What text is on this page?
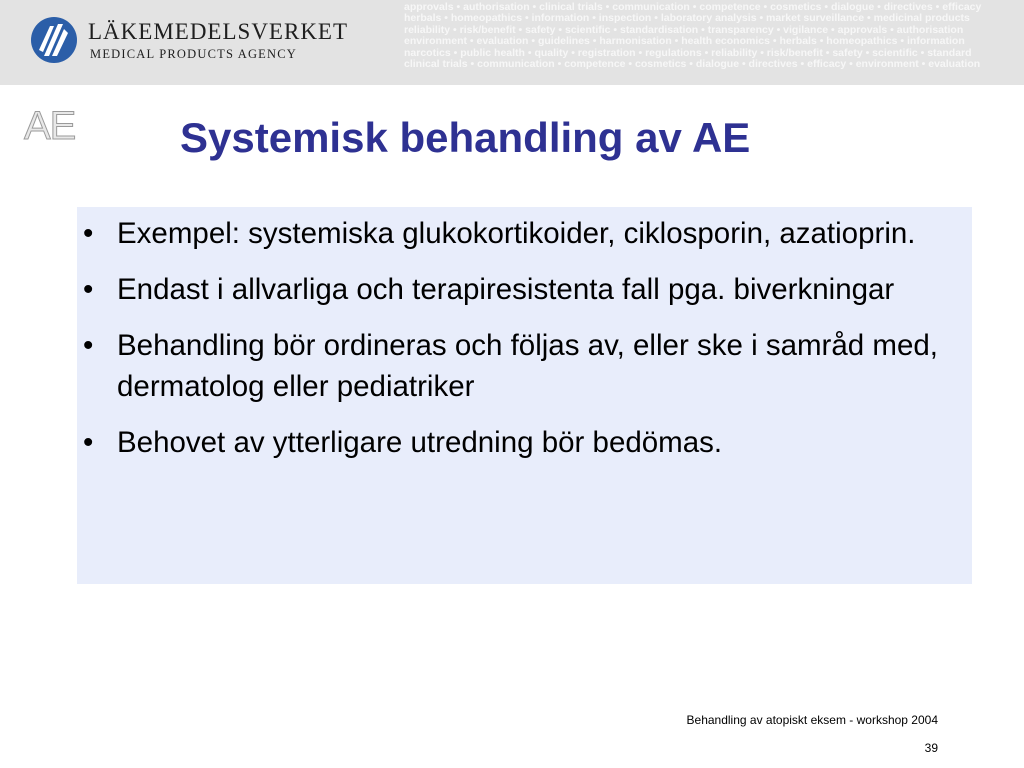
LÄKEMEDELSVERKET
MEDICAL PRODUCTS AGENCY
approvals • authorisation • clinical trials • communication • competence • cosmetics • dialogue • directives • efficacy
herbals • homeopathics • information • inspection • laboratory analysis • market surveillance • medicinal products
reliability • risk/benefit • safety • scientific • standardisation • transparency • vigilance • approvals • authorisation
environment • evaluation • guidelines • harmonisation • health economics • herbals • homeopathics • information
narcotics • public health • quality • registration • regulations • reliability • risk/benefit • safety • scientific • standard
clinical trials • communication • competence • cosmetics • dialogue • directives • efficacy • environment • evaluation
AE Systemisk behandling av AE
• Exempel: systemiska glukokortikoider, ciklosporin, azatioprin.
• Endast i allvarliga och terapiresistenta fall pga. biverkningar
• Behandling bör ordineras och följas av, eller ske i samråd med, dermatolog eller pediatriker
• Behovet av ytterligare utredning bör bedömas.
Behandling av atopiskt eksem - workshop 2004
39
